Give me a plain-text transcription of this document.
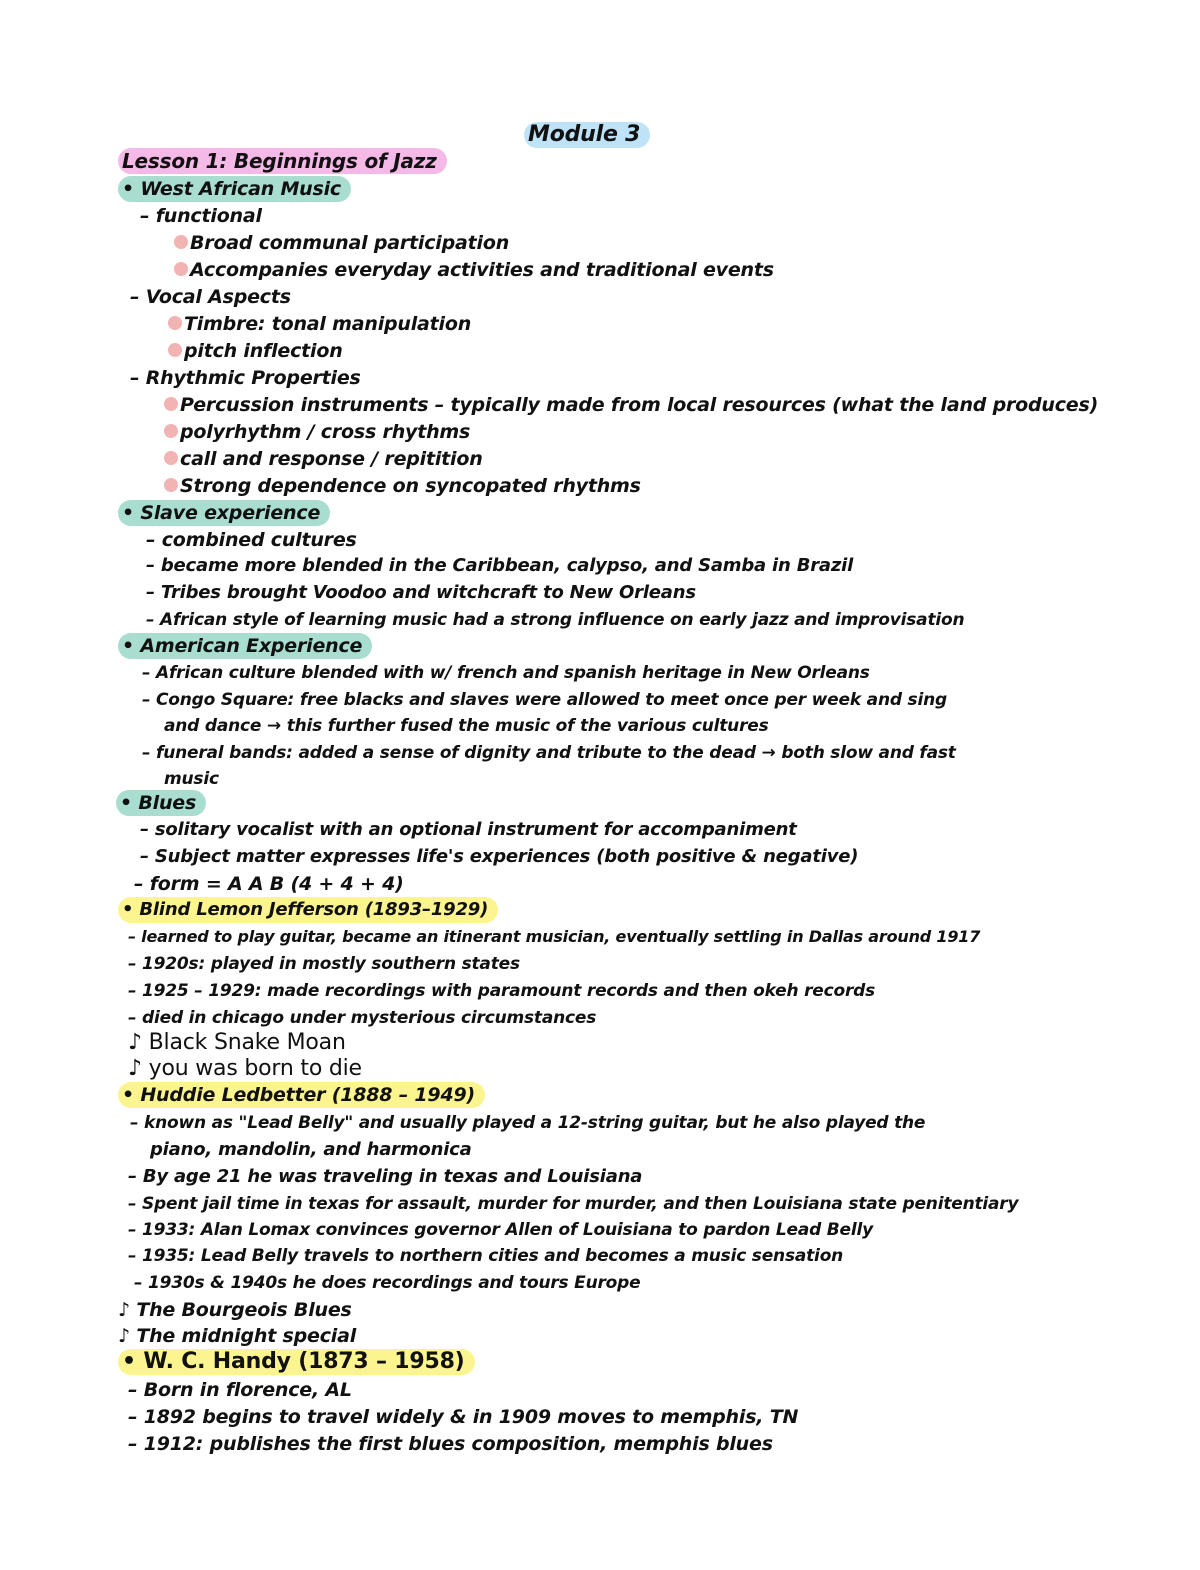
Module 3
Lesson 1: Beginnings of Jazz
• West African Music
– functional
Broad communal participation
Accompanies everyday activities and traditional events
– Vocal Aspects
Timbre: tonal manipulation
pitch inflection
– Rhythmic Properties
Percussion instruments – typically made from local resources (what the land produces)
polyrhythm / cross rhythms
call and response / repitition
Strong dependence on syncopated rhythms
• Slave experience
– combined cultures
– became more blended in the Caribbean, calypso, and Samba in Brazil
– Tribes brought Voodoo and witchcraft to New Orleans
– African style of learning music had a strong influence on early jazz and improvisation
• American Experience
– African culture blended with w/ french and spanish heritage in New Orleans
– Congo Square: free blacks and slaves were allowed to meet once per week and sing
and dance → this further fused the music of the various cultures
– funeral bands: added a sense of dignity and tribute to the dead → both slow and fast
music
• Blues
– solitary vocalist with an optional instrument for accompaniment
– Subject matter expresses life's experiences (both positive & negative)
– form = A A B (4 + 4 + 4)
• Blind Lemon Jefferson (1893–1929)
– learned to play guitar, became an itinerant musician, eventually settling in Dallas around 1917
– 1920s: played in mostly southern states
– 1925 – 1929: made recordings with paramount records and then okeh records
– died in chicago under mysterious circumstances
♪ Black Snake Moan
♪ you was born to die
• Huddie Ledbetter (1888 – 1949)
– known as "Lead Belly" and usually played a 12-string guitar, but he also played the
piano, mandolin, and harmonica
– By age 21 he was traveling in texas and Louisiana
– Spent jail time in texas for assault, murder for murder, and then Louisiana state penitentiary
– 1933: Alan Lomax convinces governor Allen of Louisiana to pardon Lead Belly
– 1935: Lead Belly travels to northern cities and becomes a music sensation
– 1930s & 1940s he does recordings and tours Europe
♪ The Bourgeois Blues
♪ The midnight special
• W. C. Handy (1873 – 1958)
– Born in florence, AL
– 1892 begins to travel widely & in 1909 moves to memphis, TN
– 1912: publishes the first blues composition, memphis blues
